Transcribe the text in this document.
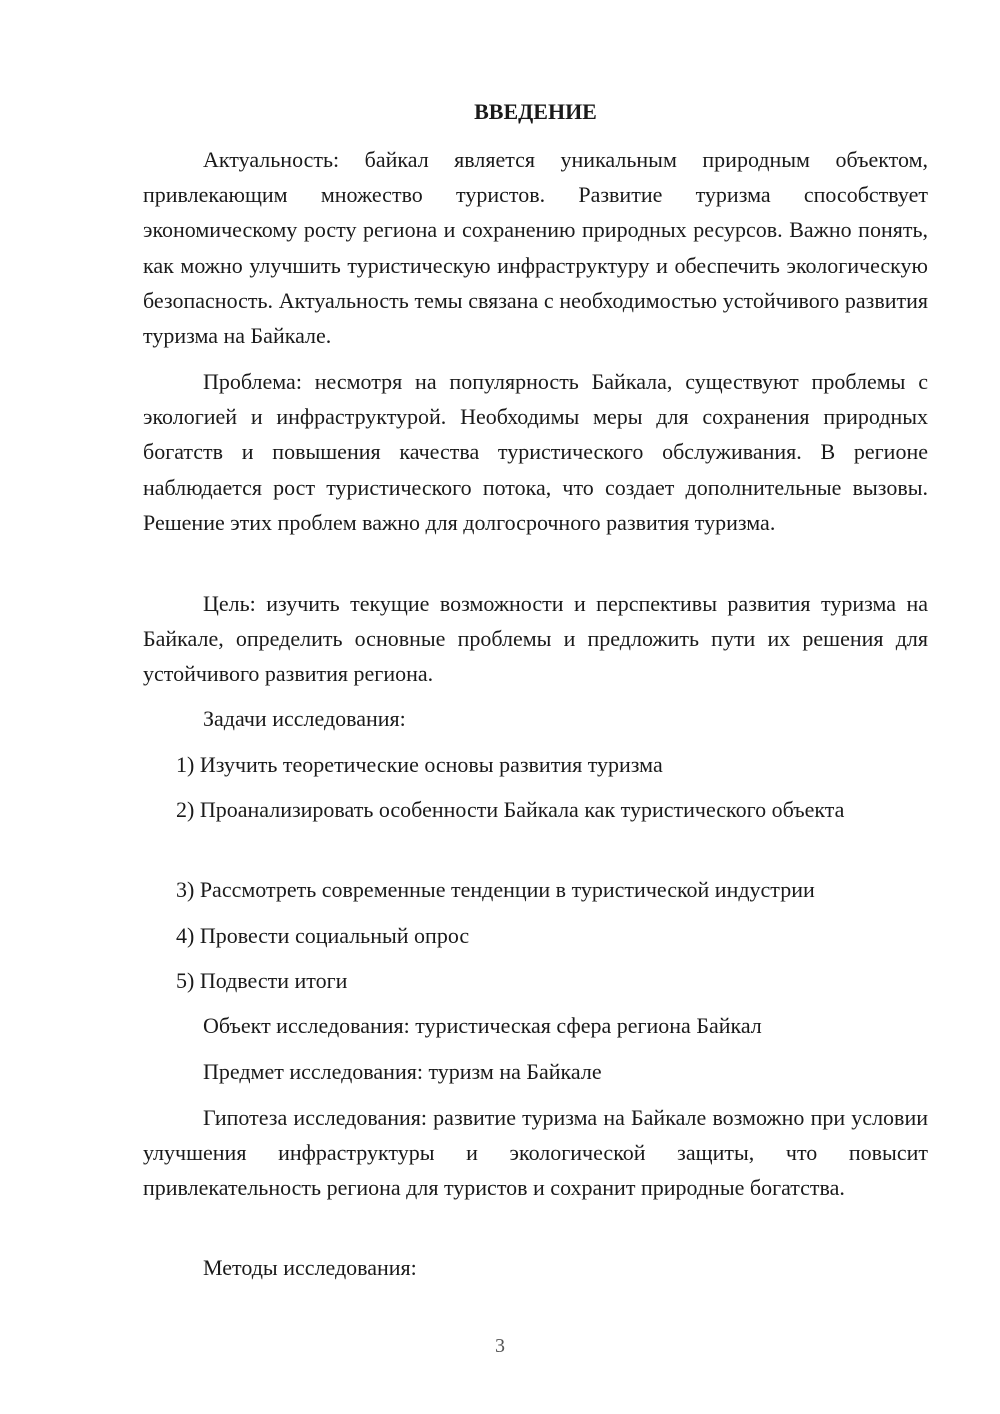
ВВЕДЕНИЕ

Актуальность: байкал является уникальным природным объектом, привлекающим множество туристов. Развитие туризма способствует экономическому росту региона и сохранению природных ресурсов. Важно понять, как можно улучшить туристическую инфраструктуру и обеспечить экологическую безопасность. Актуальность темы связана с необходимостью устойчивого развития туризма на Байкале.

Проблема: несмотря на популярность Байкала, существуют проблемы с экологией и инфраструктурой. Необходимы меры для сохранения природных богатств и повышения качества туристического обслуживания. В регионе наблюдается рост туристического потока, что создает дополнительные вызовы. Решение этих проблем важно для долгосрочного развития туризма.

Цель: изучить текущие возможности и перспективы развития туризма на Байкале, определить основные проблемы и предложить пути их решения для устойчивого развития региона.

Задачи исследования:

1) Изучить теоретические основы развития туризма

2) Проанализировать особенности Байкала как туристического объекта

3) Рассмотреть современные тенденции в туристической индустрии

4) Провести социальный опрос

5) Подвести итоги

Объект исследования: туристическая сфера региона Байкал

Предмет исследования: туризм на Байкале

Гипотеза исследования: развитие туризма на Байкале возможно при условии улучшения инфраструктуры и экологической защиты, что повысит привлекательность региона для туристов и сохранит природные богатства.

Методы исследования:

3
